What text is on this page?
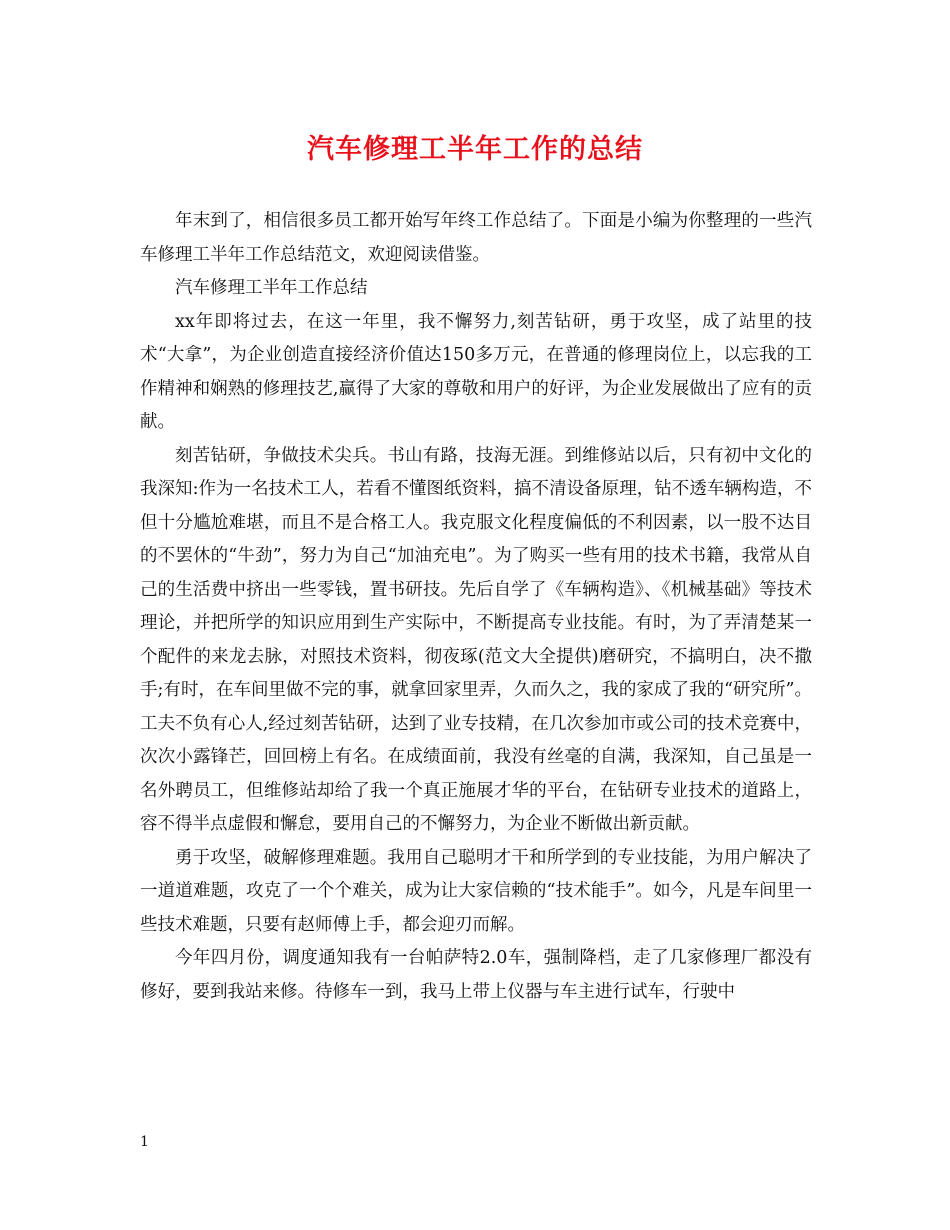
汽车修理工半年工作的总结

年末到了，相信很多员工都开始写年终工作总结了。下面是小编为你整理的一些汽车修理工半年工作总结范文，欢迎阅读借鉴。

汽车修理工半年工作总结

xx年即将过去，在这一年里，我不懈努力,刻苦钻研，勇于攻坚，成了站里的技术“大拿”，为企业创造直接经济价值达150多万元，在普通的修理岗位上，以忘我的工作精神和娴熟的修理技艺,赢得了大家的尊敬和用户的好评，为企业发展做出了应有的贡献。

刻苦钻研，争做技术尖兵。书山有路，技海无涯。到维修站以后，只有初中文化的我深知:作为一名技术工人，若看不懂图纸资料，搞不清设备原理，钻不透车辆构造，不但十分尴尬难堪，而且不是合格工人。我克服文化程度偏低的不利因素，以一股不达目的不罢休的“牛劲”，努力为自己“加油充电”。为了购买一些有用的技术书籍，我常从自己的生活费中挤出一些零钱，置书研技。先后自学了《车辆构造》、《机械基础》等技术理论，并把所学的知识应用到生产实际中，不断提高专业技能。有时，为了弄清楚某一个配件的来龙去脉，对照技术资料，彻夜琢(范文大全提供)磨研究，不搞明白，决不撒手;有时，在车间里做不完的事，就拿回家里弄，久而久之，我的家成了我的“研究所”。工夫不负有心人,经过刻苦钻研，达到了业专技精，在几次参加市或公司的技术竞赛中，次次小露锋芒，回回榜上有名。在成绩面前，我没有丝毫的自满，我深知，自己虽是一名外聘员工，但维修站却给了我一个真正施展才华的平台，在钻研专业技术的道路上，容不得半点虚假和懈怠，要用自己的不懈努力，为企业不断做出新贡献。

勇于攻坚，破解修理难题。我用自己聪明才干和所学到的专业技能，为用户解决了一道道难题，攻克了一个个难关，成为让大家信赖的“技术能手”。如今，凡是车间里一些技术难题，只要有赵师傅上手，都会迎刃而解。

今年四月份，调度通知我有一台帕萨特2.0车，强制降档，走了几家修理厂都没有修好，要到我站来修。待修车一到，我马上带上仪器与车主进行试车，行驶中

1
